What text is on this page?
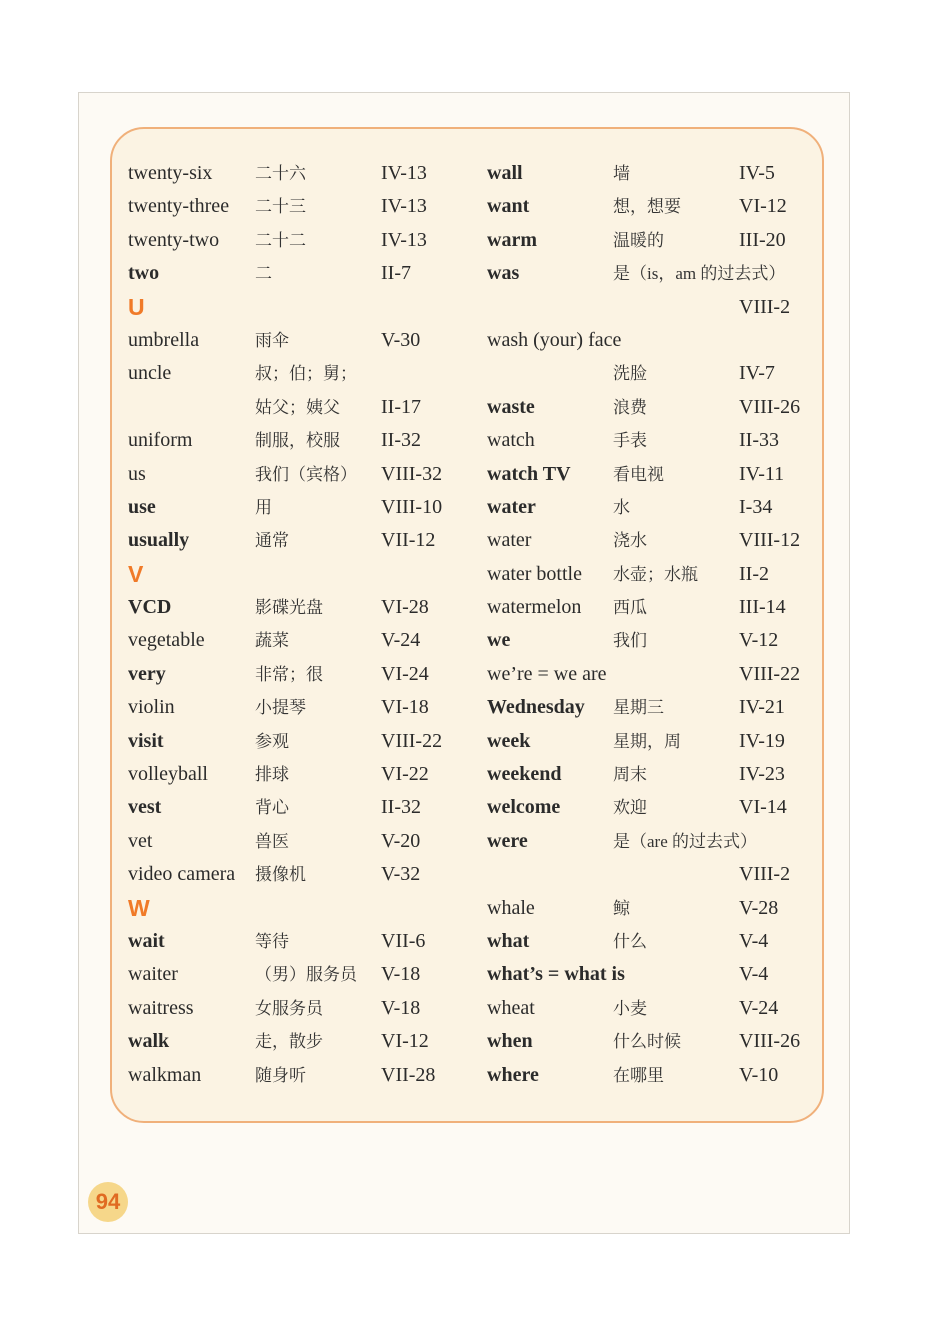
twenty-six	二十六	IV-13
twenty-three 二十三	IV-13
twenty-two 二十二	IV-13
two	二	II-7
U
umbrella	雨伞	V-30
uncle	叔；伯；舅；
姑父；姨父 II-17
uniform	制服，校服 II-32
us	我们（宾格） VIII-32
use	用	VIII-10
usually	通常	VII-12
V
VCD	影碟光盘	VI-28
vegetable	蔬菜	V-24
very	非常；很	VI-24
violin	小提琴	VI-18
visit	参观	VIII-22
volleyball	排球	VI-22
vest	背心	II-32
vet	兽医	V-20
video camera 摄像机	V-32
W
wait	等待	VII-6
waiter	（男）服务员 V-18
waitress	女服务员	V-18
walk	走，散步	VI-12
walkman	随身听	VII-28
wall	墙	IV-5
want	想，想要	VI-12
warm	温暖的	III-20
was	是（is，am 的过去式）
VIII-2
wash (your) face
洗脸	IV-7
waste	浪费	VIII-26
watch	手表	II-33
watch TV 看电视	IV-11
water	水	I-34
water	浇水	VIII-12
water bottle 水壶；水瓶 II-2
watermelon 西瓜	III-14
we	我们	V-12
we’re = we are	VIII-22
Wednesday 星期三	IV-21
week	星期，周	IV-19
weekend	周末	IV-23
welcome	欢迎	VI-14
were	是（are 的过去式）
VIII-2
whale	鲸	V-28
what	什么	V-4
what’s = what is	V-4
wheat	小麦	V-24
when	什么时候	VIII-26
where	在哪里	V-10
94
